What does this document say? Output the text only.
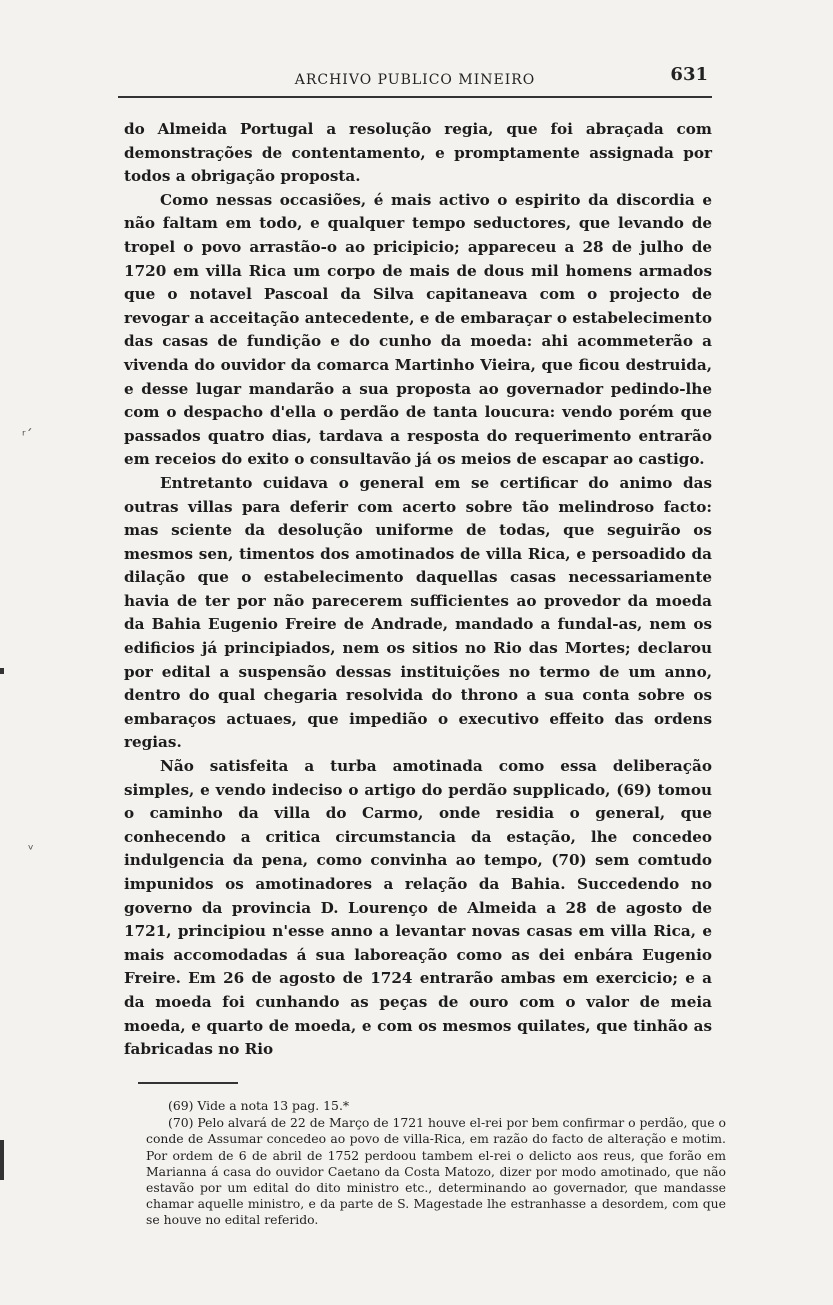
ARCHIVO PUBLICO MINEIRO	631

do Almeida Portugal a resolução regia, que foi abraçada com demonstrações de contentamento, e promptamente assignada por todos a obrigação proposta.

Como nessas occasiões, é mais activo o espirito da discordia e não faltam em todo, e qualquer tempo seductores, que levando de tropel o povo arrastão-o ao pricipicio; appareceu a 28 de julho de 1720 em villa Rica um corpo de mais de dous mil homens armados que o notavel Pascoal da Silva capitaneava com o projecto de revogar a acceitação antecedente, e de embaraçar o estabelecimento das casas de fundição e do cunho da moeda: ahi acommeterão a vivenda do ouvidor da comarca Martinho Vieira, que ficou destruida, e desse lugar mandarão a sua proposta ao governador pedindo-lhe com o despacho d'ella o perdão de tanta loucura: vendo porém que passados quatro dias, tardava a resposta do requerimento entrarão em receios do exito o consultavão já os meios de escapar ao castigo.

Entretanto cuidava o general em se certificar do animo das outras villas para deferir com acerto sobre tão melindroso facto: mas sciente da desolução uniforme de todas, que seguirão os mesmos sen, timentos dos amotinados de villa Rica, e persoadido da dilação que o estabelecimento daquellas casas necessariamente havia de ter por não parecerem sufficientes ao provedor da moeda da Bahia Eugenio Freire de Andrade, mandado a fundal-as, nem os edificios já principiados, nem os sitios no Rio das Mortes; declarou por edital a suspensão dessas instituições no termo de um anno, dentro do qual chegaria resolvida do throno a sua conta sobre os embaraços actuaes, que impedião o executivo effeito das ordens regias.

Não satisfeita a turba amotinada como essa deliberação simples, e vendo indeciso o artigo do perdão supplicado, (69) tomou o caminho da villa do Carmo, onde residia o general, que conhecendo a critica circumstancia da estação, lhe concedeo indulgencia da pena, como convinha ao tempo, (70) sem comtudo impunidos os amotinadores a relação da Bahia. Succedendo no governo da provincia D. Lourenço de Almeida a 28 de agosto de 1721, principiou n'esse anno a levantar novas casas em villa Rica, e mais accomodadas á sua laboreação como as dei enbára Eugenio Freire. Em 26 de agosto de 1724 entrarão ambas em exercicio; e a da moeda foi cunhando as peças de ouro com o valor de meia moeda, e quarto de moeda, e com os mesmos quilates, que tinhão as fabricadas no Rio

(69) Vide a nota 13 pag. 15.*

(70) Pelo alvará de 22 de Março de 1721 houve el-rei por bem confirmar o perdão, que o conde de Assumar concedeo ao povo de villa-Rica, em razão do facto de alteração e motim. Por ordem de 6 de abril de 1752 perdoou tambem el-rei o delicto aos reus, que forão em Marianna á casa do ouvidor Caetano da Costa Matozo, dizer por modo amotinado, que não estavão por um edital do dito ministro etc., determinando ao governador, que mandasse chamar aquelle ministro, e da parte de S. Magestade lhe estranhasse a desordem, com que se houve no edital referido.

ʳ´
ᵛ
